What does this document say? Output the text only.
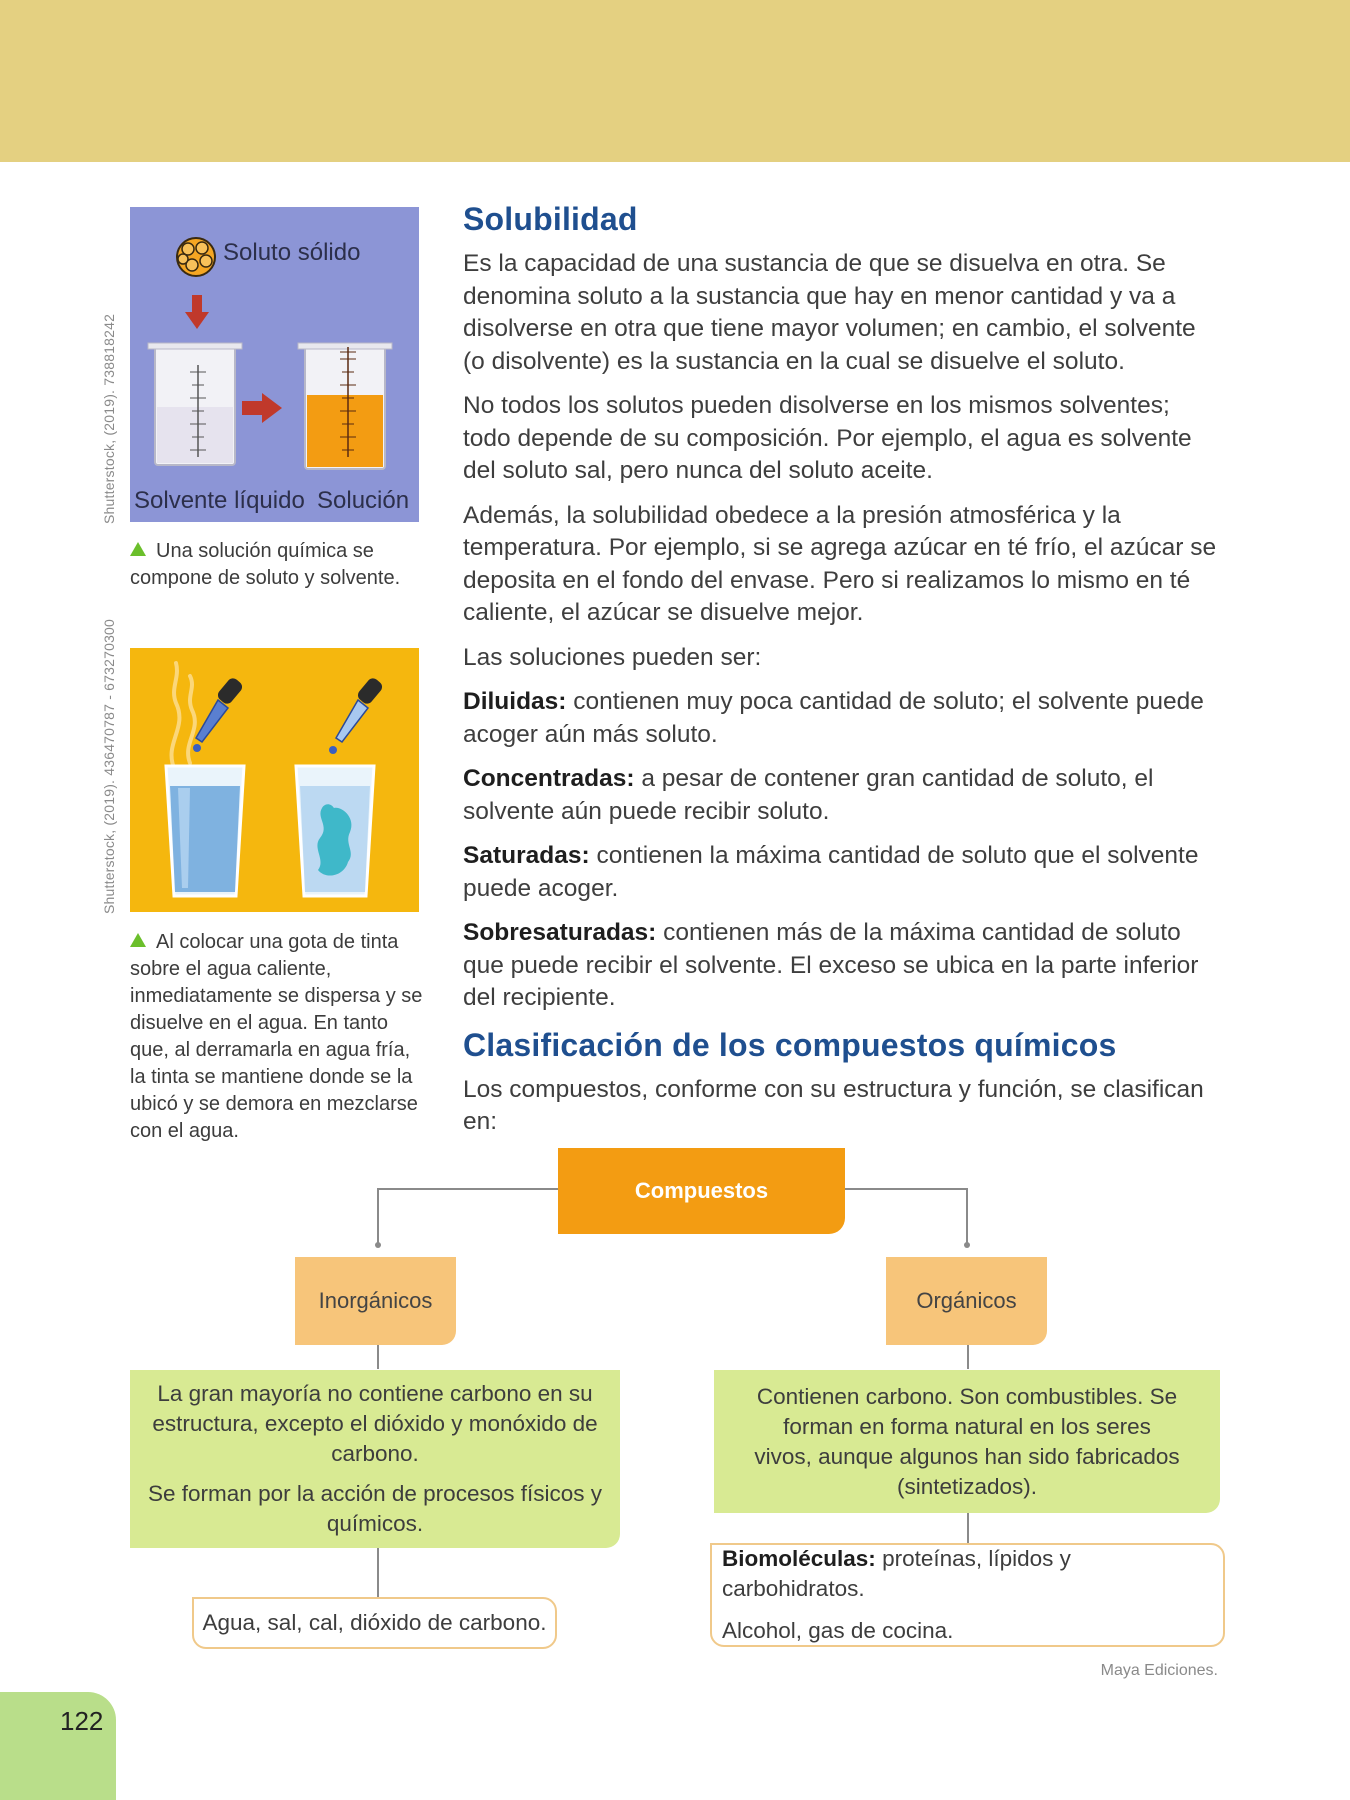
Shutterstock, (2019). 738818242
Shutterstock, (2019). 436470787 - 673270300
Soluto sólido
Solvente líquido Solución
Una solución química se compone de soluto y solvente.
Al colocar una gota de tinta sobre el agua caliente, inmediatamente se dispersa y se disuelve en el agua. En tanto que, al derramarla en agua fría, la tinta se mantiene donde se la ubicó y se demora en mezclarse con el agua.
Solubilidad

Es la capacidad de una sustancia de que se disuelva en otra. Se denomina soluto a la sustancia que hay en menor cantidad y va a disolverse en otra que tiene mayor volumen; en cambio, el solvente (o disolvente) es la sustancia en la cual se disuelve el soluto.

No todos los solutos pueden disolverse en los mismos solventes; todo depende de su composición. Por ejemplo, el agua es solvente del soluto sal, pero nunca del soluto aceite.

Además, la solubilidad obedece a la presión atmosférica y la temperatura. Por ejemplo, si se agrega azúcar en té frío, el azúcar se deposita en el fondo del envase. Pero si realizamos lo mismo en té caliente, el azúcar se disuelve mejor.

Las soluciones pueden ser:

Diluidas: contienen muy poca cantidad de soluto; el solvente puede acoger aún más soluto.

Concentradas: a pesar de contener gran cantidad de soluto, el solvente aún puede recibir soluto.

Saturadas: contienen la máxima cantidad de soluto que el solvente puede acoger.

Sobresaturadas: contienen más de la máxima cantidad de soluto que puede recibir el solvente. El exceso se ubica en la parte inferior del recipiente.

Clasificación de los compuestos químicos

Los compuestos, conforme con su estructura y función, se clasifican en:

Compuestos
Inorgánicos	Orgánicos
La gran mayoría no contiene carbono en su estructura, excepto el dióxido y monóxido de carbono.
Se forman por la acción de procesos físicos y químicos.
Contienen carbono. Son combustibles. Se forman en forma natural en los seres vivos, aunque algunos han sido fabricados (sintetizados).
Agua, sal, cal, dióxido de carbono.
Biomoléculas: proteínas, lípidos y carbohidratos.
Alcohol, gas de cocina.
Maya Ediciones.
122
